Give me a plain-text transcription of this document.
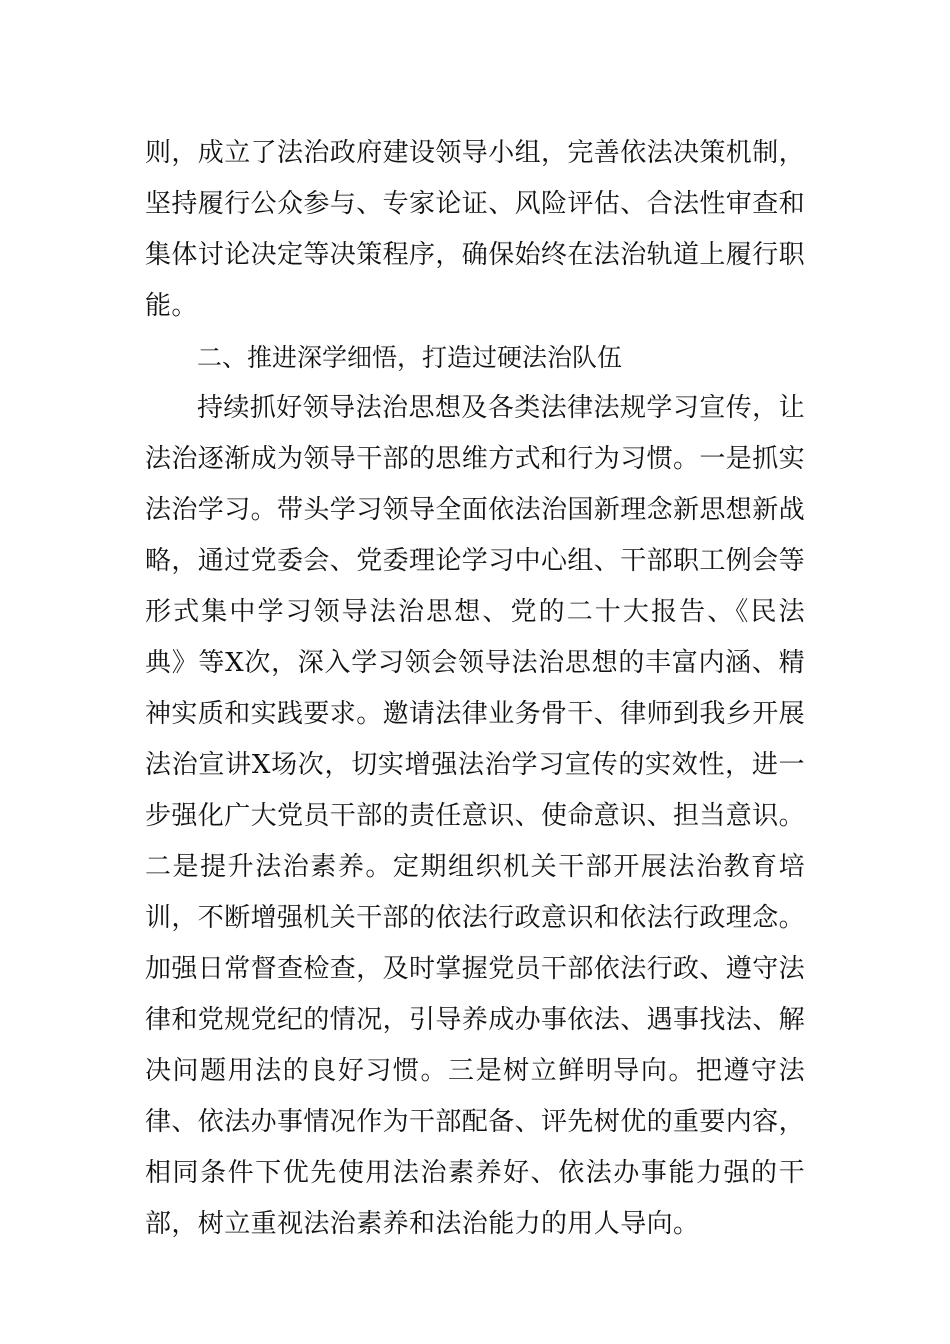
则，成立了法治政府建设领导小组，完善依法决策机制，坚持履行公众参与、专家论证、风险评估、合法性审查和集体讨论决定等决策程序，确保始终在法治轨道上履行职能。

二、推进深学细悟，打造过硬法治队伍

持续抓好领导法治思想及各类法律法规学习宣传，让法治逐渐成为领导干部的思维方式和行为习惯。一是抓实法治学习。带头学习领导全面依法治国新理念新思想新战略，通过党委会、党委理论学习中心组、干部职工例会等形式集中学习领导法治思想、党的二十大报告、《民法典》等X次，深入学习领会领导法治思想的丰富内涵、精神实质和实践要求。邀请法律业务骨干、律师到我乡开展法治宣讲X场次，切实增强法治学习宣传的实效性，进一步强化广大党员干部的责任意识、使命意识、担当意识。二是提升法治素养。定期组织机关干部开展法治教育培训，不断增强机关干部的依法行政意识和依法行政理念。加强日常督查检查，及时掌握党员干部依法行政、遵守法律和党规党纪的情况，引导养成办事依法、遇事找法、解决问题用法的良好习惯。三是树立鲜明导向。把遵守法律、依法办事情况作为干部配备、评先树优的重要内容，相同条件下优先使用法治素养好、依法办事能力强的干部，树立重视法治素养和法治能力的用人导向。
